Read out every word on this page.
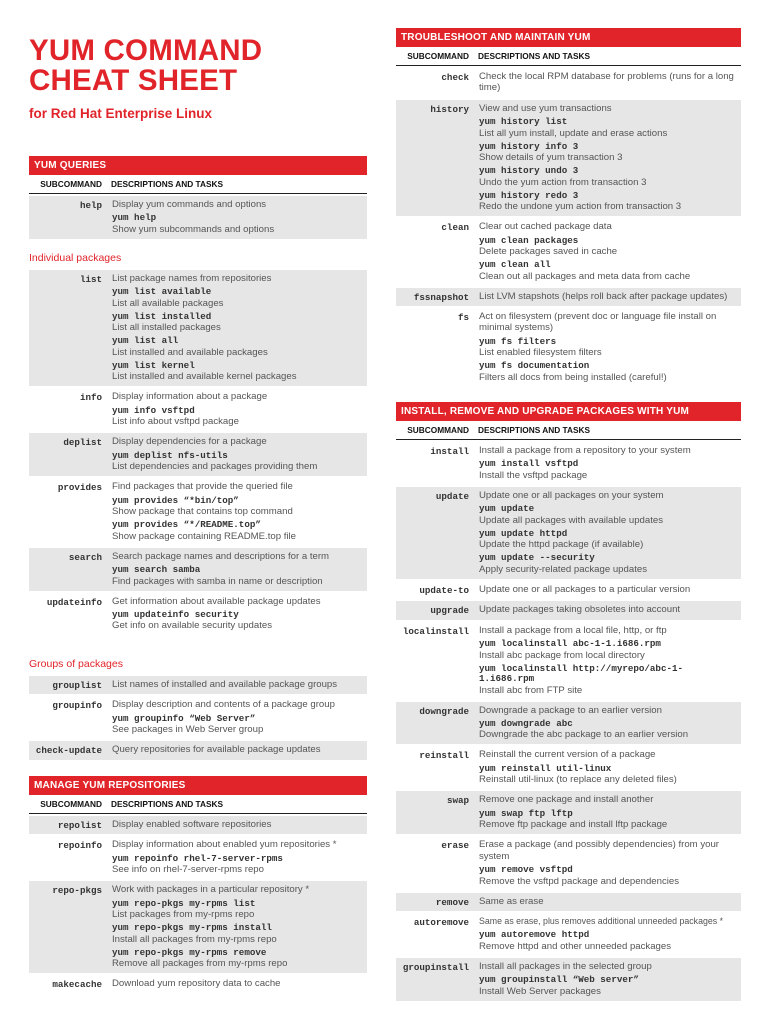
YUM COMMAND
CHEAT SHEET
for Red Hat Enterprise Linux
YUM QUERIES
SUBCOMMAND	DESCRIPTIONS AND TASKS
help	Display yum commands and options
yum help
Show yum subcommands and options
Individual packages
list	List package names from repositories
yum list available
List all available packages
yum list installed
List all installed packages
yum list all
List installed and available packages
yum list kernel
List installed and available kernel packages
info	Display information about a package
yum info vsftpd
List info about vsftpd package
deplist	Display dependencies for a package
yum deplist nfs-utils
List dependencies and packages providing them
provides	Find packages that provide the queried file
yum provides “*bin/top”
Show package that contains top command
yum provides “*/README.top”
Show package containing README.top file
search	Search package names and descriptions for a term
yum search samba
Find packages with samba in name or description
updateinfo	Get information about available package updates
yum updateinfo security
Get info on available security updates
Groups of packages
grouplist	List names of installed and available package groups
groupinfo	Display description and contents of a package group
yum groupinfo “Web Server”
See packages in Web Server group
check-update	Query repositories for available package updates
MANAGE YUM REPOSITORIES
SUBCOMMAND	DESCRIPTIONS AND TASKS
repolist	Display enabled software repositories
repoinfo	Display information about enabled yum repositories *
yum repoinfo rhel-7-server-rpms
See info on rhel-7-server-rpms repo
repo-pkgs	Work with packages in a particular repository *
yum repo-pkgs my-rpms list
List packages from my-rpms repo
yum repo-pkgs my-rpms install
Install all packages from my-rpms repo
yum repo-pkgs my-rpms remove
Remove all packages from my-rpms repo
makecache	Download yum repository data to cache
TROUBLESHOOT AND MAINTAIN YUM
SUBCOMMAND	DESCRIPTIONS AND TASKS
check	Check the local RPM database for problems (runs for a long time)
history	View and use yum transactions
yum history list
List all yum install, update and erase actions
yum history info 3
Show details of yum transaction 3
yum history undo 3
Undo the yum action from transaction 3
yum history redo 3
Redo the undone yum action from transaction 3
clean	Clear out cached package data
yum clean packages
Delete packages saved in cache
yum clean all
Clean out all packages and meta data from cache
fssnapshot	List LVM stapshots (helps roll back after package updates)
fs	Act on filesystem (prevent doc or language file install on minimal systems)
yum fs filters
List enabled filesystem filters
yum fs documentation
Filters all docs from being installed (careful!)
INSTALL, REMOVE AND UPGRADE PACKAGES WITH YUM
SUBCOMMAND	DESCRIPTIONS AND TASKS
install	Install a package from a repository to your system
yum install vsftpd
Install the vsftpd package
update	Update one or all packages on your system
yum update
Update all packages with available updates
yum update httpd
Update the httpd package (if available)
yum update --security
Apply security-related package updates
update-to	Update one or all packages to a particular version
upgrade	Update packages taking obsoletes into account
localinstall	Install a package from a local file, http, or ftp
yum localinstall abc-1-1.i686.rpm
Install abc package from local directory
yum localinstall http://myrepo/abc-1-1.i686.rpm
Install abc from FTP site
downgrade	Downgrade a package to an earlier version
yum downgrade abc
Downgrade the abc package to an earlier version
reinstall	Reinstall the current version of a package
yum reinstall util-linux
Reinstall util-linux (to replace any deleted files)
swap	Remove one package and install another
yum swap ftp lftp
Remove ftp package and install lftp package
erase	Erase a package (and possibly dependencies) from your system
yum remove vsftpd
Remove the vsftpd package and dependencies
remove	Same as erase
autoremove	Same as erase, plus removes additional unneeded packages *
yum autoremove httpd
Remove httpd and other unneeded packages
groupinstall	Install all packages in the selected group
yum groupinstall “Web server”
Install Web Server packages
